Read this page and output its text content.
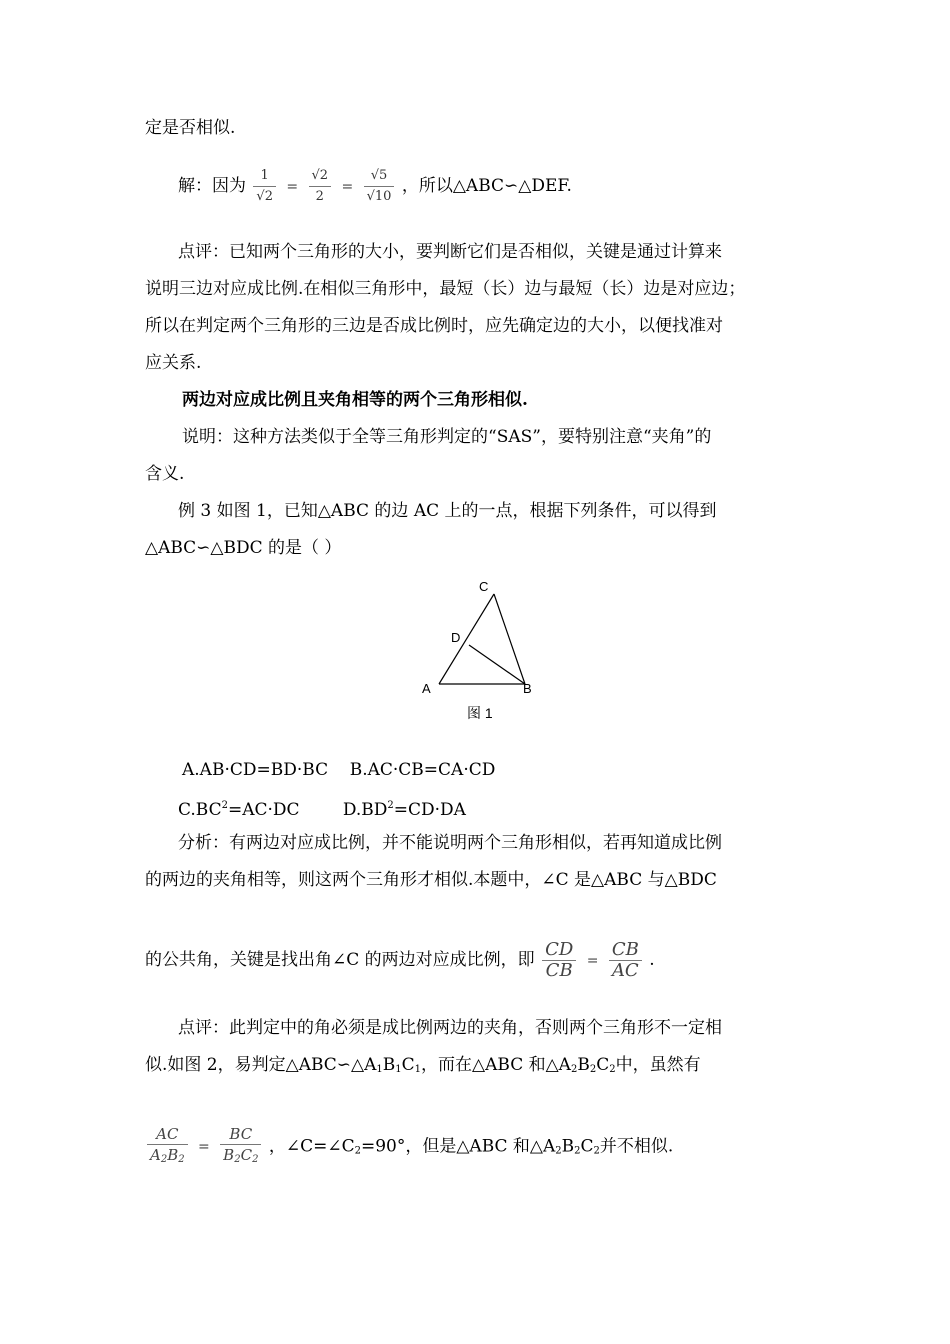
定是否相似.
解：因为 $\frac{1}{√2} = \frac{√2}{2} = \frac{√5}{√10}$ ，所以△ABC∽△DEF.
点评：已知两个三角形的大小，要判断它们是否相似，关键是通过计算来
说明三边对应成比例.在相似三角形中，最短（长）边与最短（长）边是对应边；
所以在判定两个三角形的三边是否成比例时，应先确定边的大小，以便找准对
应关系.
两边对应成比例且夹角相等的两个三角形相似.
说明：这种方法类似于全等三角形判定的“SAS”，要特别注意“夹角”的
含义.
例 3 如图 1，已知△ABC 的边 AC 上的一点，根据下列条件，可以得到
△ABC∽△BDC 的是（ ）
C
D
A	B
图 1
A.AB·CD=BD·BC B.AC·CB=CA·CD
$C.BC^2=AC\cdot DC$	$D.BD^2=CD\cdot DA$
分析：有两边对应成比例，并不能说明两个三角形相似，若再知道成比例
的两边的夹角相等，则这两个三角形才相似.本题中，∠C 是△ABC 与△BDC
的公共角，关键是找出角∠C 的两边对应成比例，即 $\frac{CD}{CB} = \frac{CB}{AC}$ .
点评：此判定中的角必须是成比例两边的夹角，否则两个三角形不一定相
似.如图 2，易判定$\triangle ABC∽\triangle A_1B_1C_1$，而在△ABC 和$\triangle A_2B_2C_2$中，虽然有
$\frac{AC}{A_2B_2} = \frac{BC}{B_2C_2}$ ，$\angle C=\angle C_2=90^\circ$，但是△ABC 和$\triangle A_2B_2C_2$并不相似.
